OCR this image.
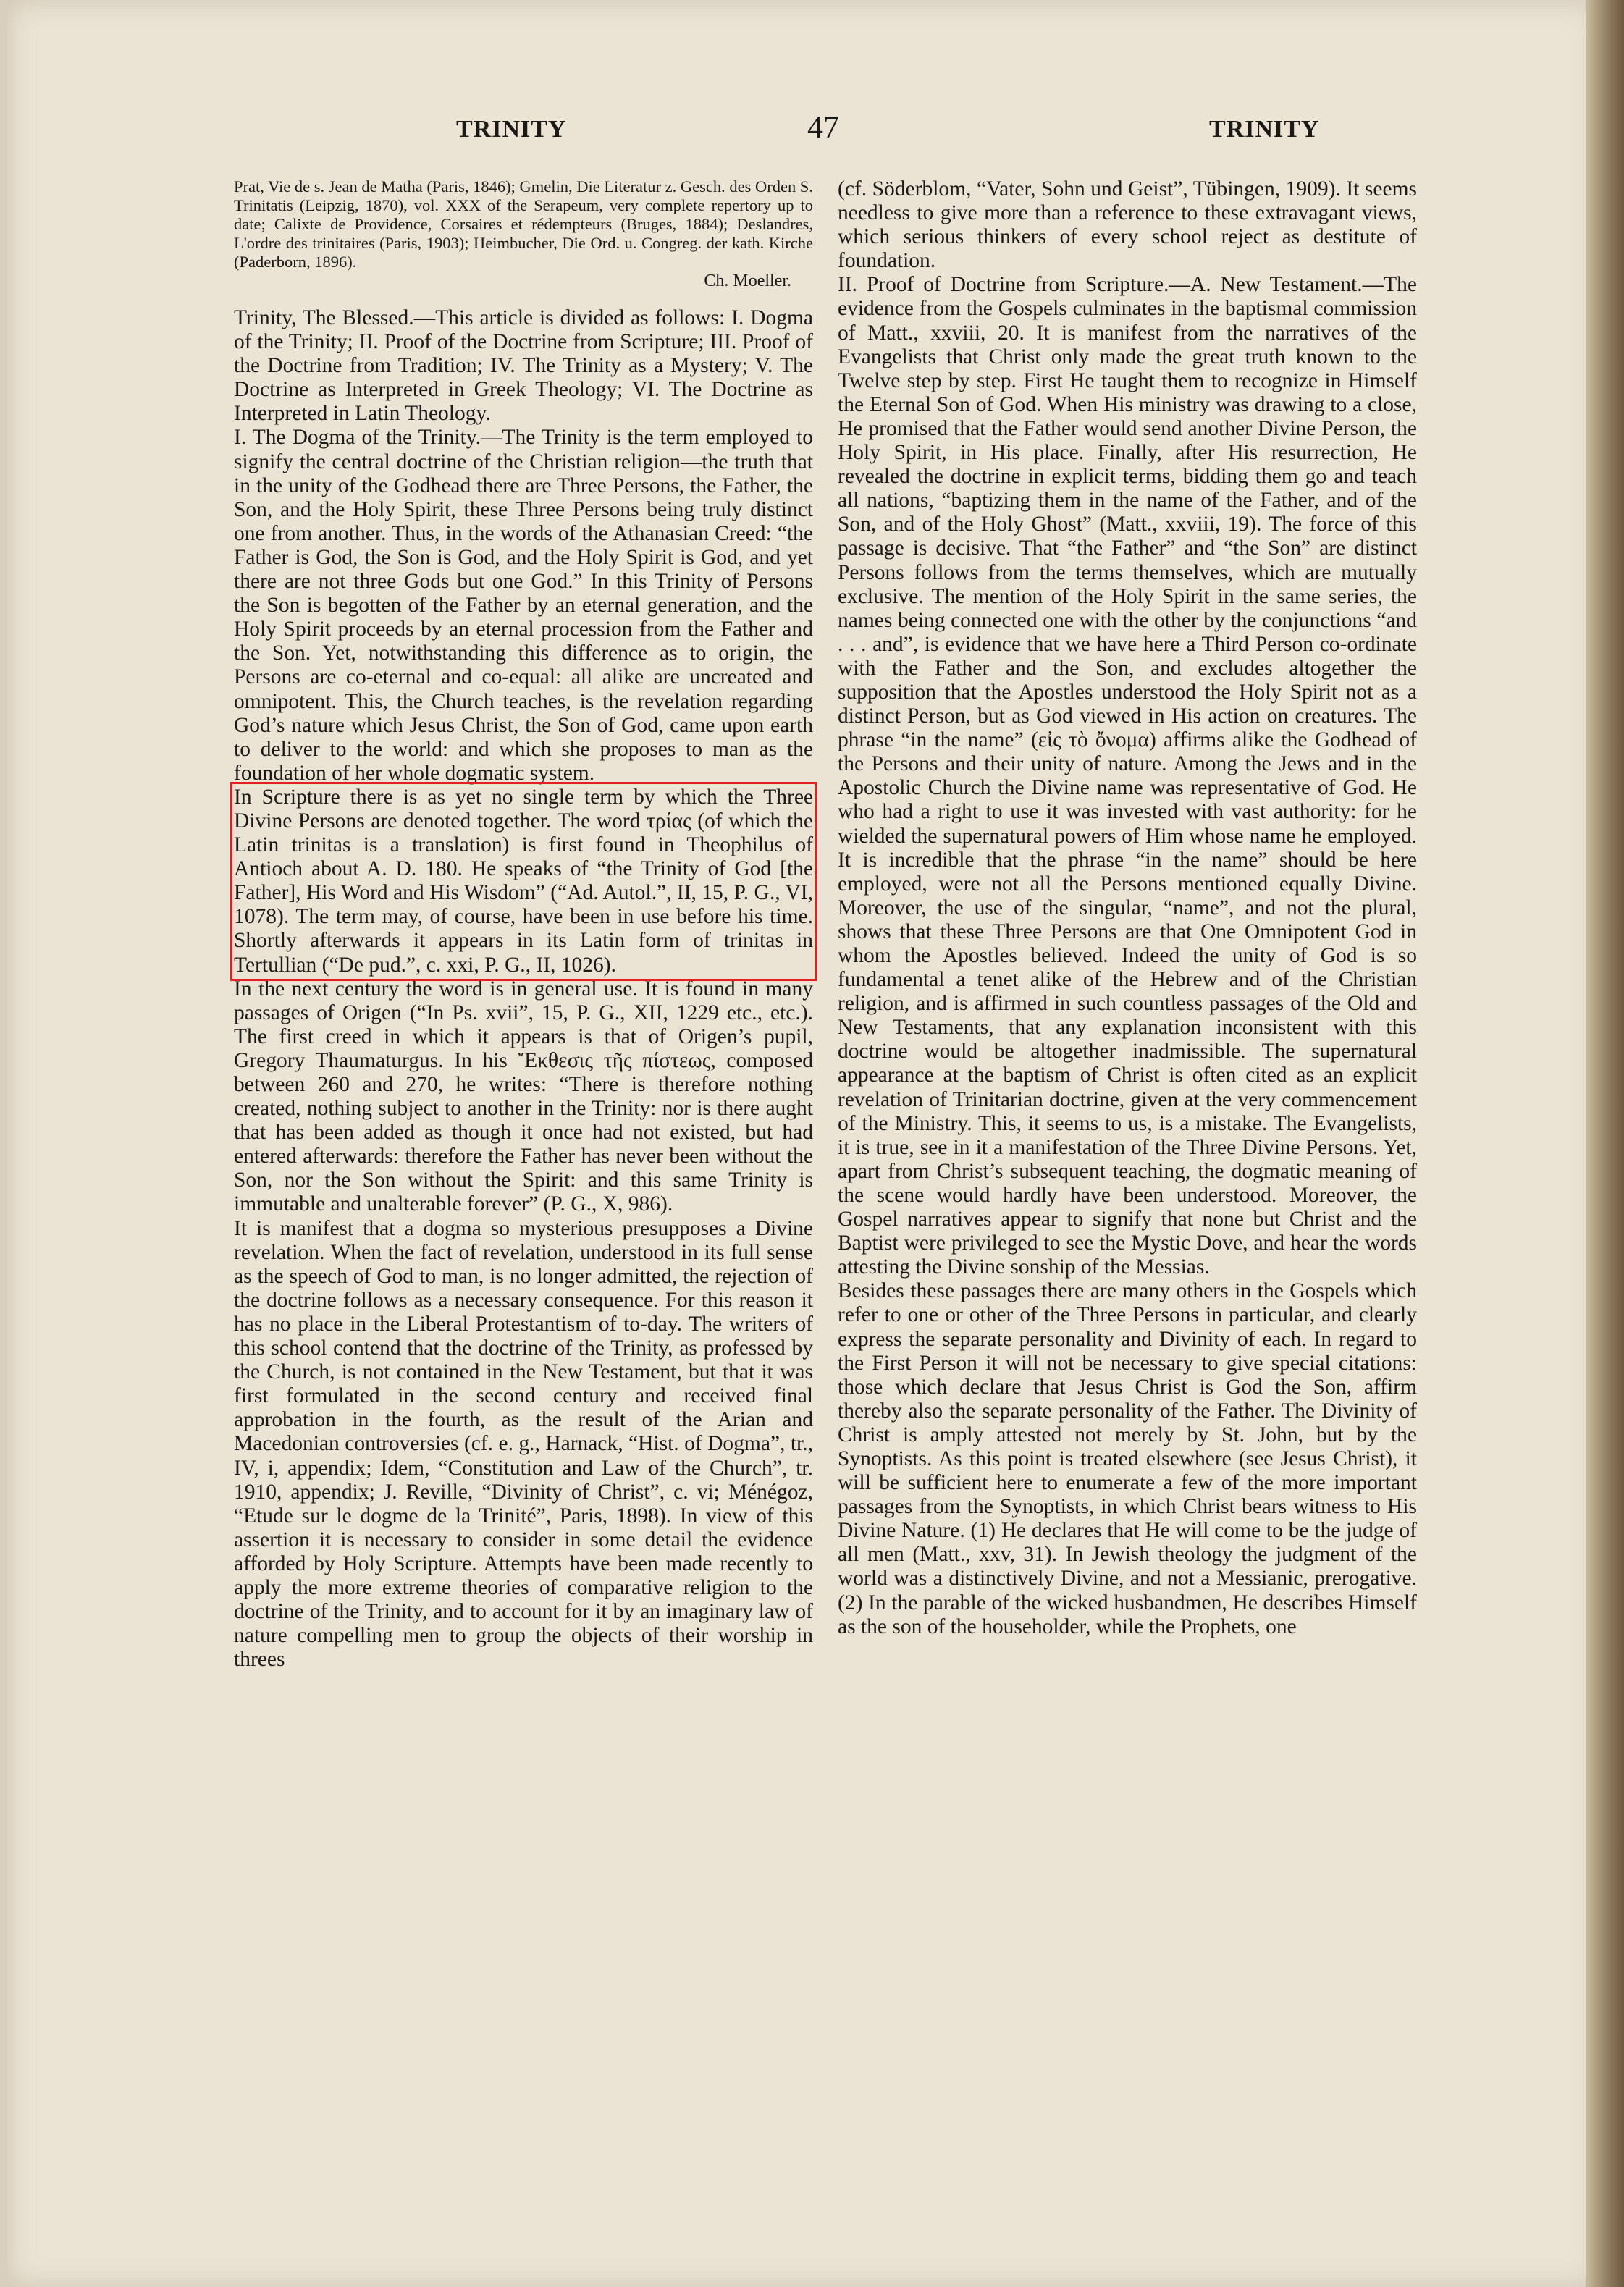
TRINITY	47	TRINITY

Prat, Vie de s. Jean de Matha (Paris, 1846); Gmelin, Die Literatur z. Gesch. des Orden S. Trinitatis (Leipzig, 1870), vol. XXX of the Serapeum, very complete repertory up to date; Calixte de Providence, Corsaires et rédempteurs (Bruges, 1884); Deslandres, L'ordre des trinitaires (Paris, 1903); Heimbucher, Die Ord. u. Congreg. der kath. Kirche (Paderborn, 1896).

Ch. Moeller.

Trinity, The Blessed.—This article is divided as follows: I. Dogma of the Trinity; II. Proof of the Doctrine from Scripture; III. Proof of the Doctrine from Tradition; IV. The Trinity as a Mystery; V. The Doctrine as Interpreted in Greek Theology; VI. The Doctrine as Interpreted in Latin Theology.

I. The Dogma of the Trinity.—The Trinity is the term employed to signify the central doctrine of the Christian religion—the truth that in the unity of the Godhead there are Three Persons, the Father, the Son, and the Holy Spirit, these Three Persons being truly distinct one from another. Thus, in the words of the Athanasian Creed: “the Father is God, the Son is God, and the Holy Spirit is God, and yet there are not three Gods but one God.” In this Trinity of Persons the Son is begotten of the Father by an eternal generation, and the Holy Spirit proceeds by an eternal procession from the Father and the Son. Yet, notwithstanding this difference as to origin, the Persons are co-eternal and co-equal: all alike are uncreated and omnipotent. This, the Church teaches, is the revelation regarding God’s nature which Jesus Christ, the Son of God, came upon earth to deliver to the world: and which she proposes to man as the foundation of her whole dogmatic system.

In Scripture there is as yet no single term by which the Three Divine Persons are denoted together. The word τρίας (of which the Latin trinitas is a translation) is first found in Theophilus of Antioch about A. D. 180. He speaks of “the Trinity of God [the Father], His Word and His Wisdom” (“Ad. Autol.”, II, 15, P. G., VI, 1078). The term may, of course, have been in use before his time. Shortly afterwards it appears in its Latin form of trinitas in Tertullian (“De pud.”, c. xxi, P. G., II, 1026).

In the next century the word is in general use. It is found in many passages of Origen (“In Ps. xvii”, 15, P. G., XII, 1229 etc., etc.). The first creed in which it appears is that of Origen’s pupil, Gregory Thaumaturgus. In his Ἔκθεσις τῆς πίστεως, composed between 260 and 270, he writes: “There is therefore nothing created, nothing subject to another in the Trinity: nor is there aught that has been added as though it once had not existed, but had entered afterwards: therefore the Father has never been without the Son, nor the Son without the Spirit: and this same Trinity is immutable and unalterable forever” (P. G., X, 986).

It is manifest that a dogma so mysterious presupposes a Divine revelation. When the fact of revelation, understood in its full sense as the speech of God to man, is no longer admitted, the rejection of the doctrine follows as a necessary consequence. For this reason it has no place in the Liberal Protestantism of to-day. The writers of this school contend that the doctrine of the Trinity, as professed by the Church, is not contained in the New Testament, but that it was first formulated in the second century and received final approbation in the fourth, as the result of the Arian and Macedonian controversies (cf. e. g., Harnack, “Hist. of Dogma”, tr., IV, i, appendix; Idem, “Constitution and Law of the Church”, tr. 1910, appendix; J. Reville, “Divinity of Christ”, c. vi; Ménégoz, “Etude sur le dogme de la Trinité”, Paris, 1898). In view of this assertion it is necessary to consider in some detail the evidence afforded by Holy Scripture. Attempts have been made recently to apply the more extreme theories of comparative religion to the doctrine of the Trinity, and to account for it by an imaginary law of nature compelling men to group the objects of their worship in threes

(cf. Söderblom, “Vater, Sohn und Geist”, Tübingen, 1909). It seems needless to give more than a reference to these extravagant views, which serious thinkers of every school reject as destitute of foundation.

II. Proof of Doctrine from Scripture.—A. New Testament.—The evidence from the Gospels culminates in the baptismal commission of Matt., xxviii, 20. It is manifest from the narratives of the Evangelists that Christ only made the great truth known to the Twelve step by step. First He taught them to recognize in Himself the Eternal Son of God. When His ministry was drawing to a close, He promised that the Father would send another Divine Person, the Holy Spirit, in His place. Finally, after His resurrection, He revealed the doctrine in explicit terms, bidding them go and teach all nations, “baptizing them in the name of the Father, and of the Son, and of the Holy Ghost” (Matt., xxviii, 19). The force of this passage is decisive. That “the Father” and “the Son” are distinct Persons follows from the terms themselves, which are mutually exclusive. The mention of the Holy Spirit in the same series, the names being connected one with the other by the conjunctions “and . . . and”, is evidence that we have here a Third Person co-ordinate with the Father and the Son, and excludes altogether the supposition that the Apostles understood the Holy Spirit not as a distinct Person, but as God viewed in His action on creatures. The phrase “in the name” (εἰς τὸ ὄνομα) affirms alike the Godhead of the Persons and their unity of nature. Among the Jews and in the Apostolic Church the Divine name was representative of God. He who had a right to use it was invested with vast authority: for he wielded the supernatural powers of Him whose name he employed. It is incredible that the phrase “in the name” should be here employed, were not all the Persons mentioned equally Divine. Moreover, the use of the singular, “name”, and not the plural, shows that these Three Persons are that One Omnipotent God in whom the Apostles believed. Indeed the unity of God is so fundamental a tenet alike of the Hebrew and of the Christian religion, and is affirmed in such countless passages of the Old and New Testaments, that any explanation inconsistent with this doctrine would be altogether inadmissible. The supernatural appearance at the baptism of Christ is often cited as an explicit revelation of Trinitarian doctrine, given at the very commencement of the Ministry. This, it seems to us, is a mistake. The Evangelists, it is true, see in it a manifestation of the Three Divine Persons. Yet, apart from Christ’s subsequent teaching, the dogmatic meaning of the scene would hardly have been understood. Moreover, the Gospel narratives appear to signify that none but Christ and the Baptist were privileged to see the Mystic Dove, and hear the words attesting the Divine sonship of the Messias.

Besides these passages there are many others in the Gospels which refer to one or other of the Three Persons in particular, and clearly express the separate personality and Divinity of each. In regard to the First Person it will not be necessary to give special citations: those which declare that Jesus Christ is God the Son, affirm thereby also the separate personality of the Father. The Divinity of Christ is amply attested not merely by St. John, but by the Synoptists. As this point is treated elsewhere (see Jesus Christ), it will be sufficient here to enumerate a few of the more important passages from the Synoptists, in which Christ bears witness to His Divine Nature. (1) He declares that He will come to be the judge of all men (Matt., xxv, 31). In Jewish theology the judgment of the world was a distinctively Divine, and not a Messianic, prerogative. (2) In the parable of the wicked husbandmen, He describes Himself as the son of the householder, while the Prophets, one
